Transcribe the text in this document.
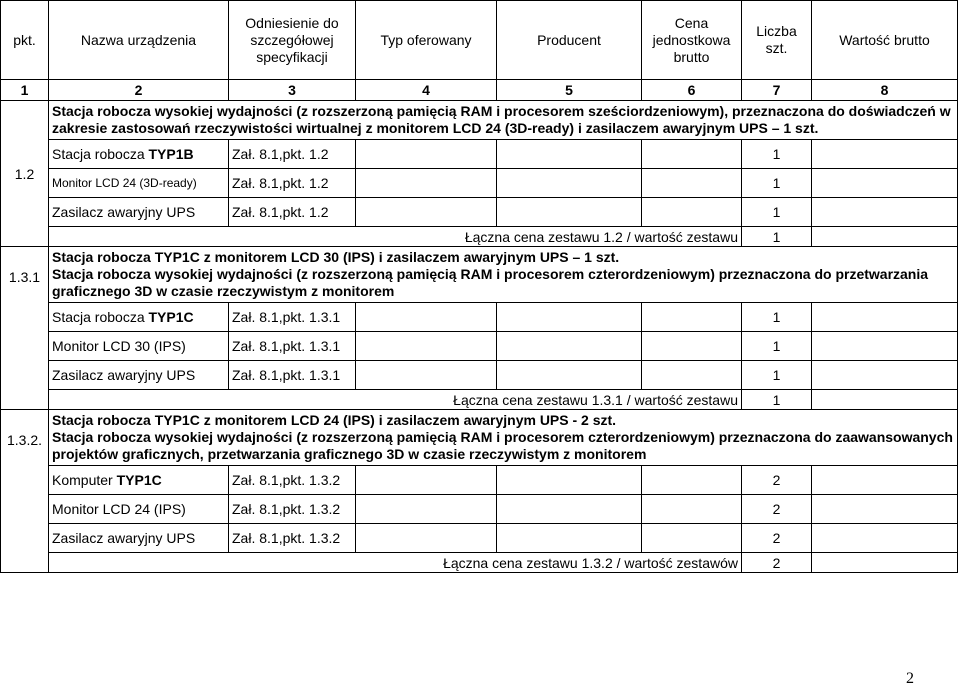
pkt.	Nazwa urządzenia	Odniesienie do szczegółowej specyfikacji	Typ oferowany	Producent	Cena jednostkowa brutto	Liczba szt.	Wartość brutto
1	2	3	4	5	6	7	8
1.2	Stacja robocza wysokiej wydajności (z rozszerzoną pamięcią RAM i procesorem sześciordzeniowym), przeznaczona do doświadczeń w zakresie zastosowań rzeczywistości wirtualnej z monitorem LCD 24 (3D-ready) i zasilaczem awaryjnym UPS – 1 szt.						
	Stacja robocza TYP1B	Zał. 8.1,pkt. 1.2				1	
	Monitor LCD 24 (3D-ready)	Zał. 8.1,pkt. 1.2				1	
	Zasilacz awaryjny UPS	Zał. 8.1,pkt. 1.2				1	
	Łączna cena zestawu 1.2 / wartość zestawu					1	
1.3.1	Stacja robocza TYP1C z monitorem LCD 30 (IPS) i zasilaczem awaryjnym UPS – 1 szt.
Stacja robocza wysokiej wydajności (z rozszerzoną pamięcią RAM i procesorem czterordzeniowym) przeznaczona do przetwarzania graficznego 3D w czasie rzeczywistym z monitorem						

	Stacja robocza TYP1C	Zał. 8.1,pkt. 1.3.1				1	
	Monitor LCD 30 (IPS)	Zał. 8.1,pkt. 1.3.1				1	
	Zasilacz awaryjny UPS	Zał. 8.1,pkt. 1.3.1				1	
	Łączna cena zestawu 1.3.1 / wartość zestawu					1	
1.3.2.	Stacja robocza TYP1C z monitorem LCD 24 (IPS) i zasilaczem awaryjnym UPS - 2 szt.
Stacja robocza wysokiej wydajności (z rozszerzoną pamięcią RAM i procesorem czterordzeniowym) przeznaczona do zaawansowanych projektów graficznych, przetwarzania graficznego 3D w czasie rzeczywistym z monitorem						

	Komputer TYP1C	Zał. 8.1,pkt. 1.3.2				2	
	Monitor LCD 24 (IPS)	Zał. 8.1,pkt. 1.3.2				2	
	Zasilacz awaryjny UPS	Zał. 8.1,pkt. 1.3.2				2	
	Łączna cena zestawu 1.3.2 / wartość zestawów					2	
2
